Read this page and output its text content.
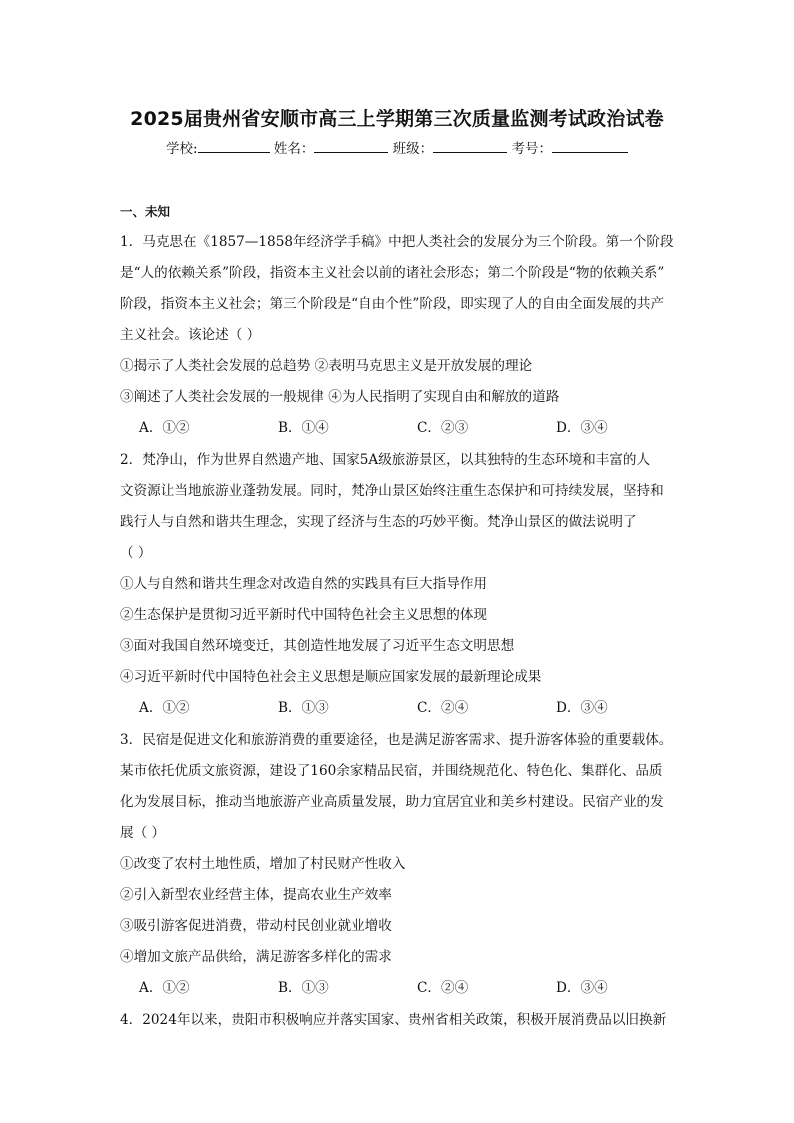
2025届贵州省安顺市高三上学期第三次质量监测考试政治试卷
学校:	姓名：	班级：	考号：
一、未知
1．马克思在《1857—1858年经济学手稿》中把人类社会的发展分为三个阶段。第一个阶段
是“人的依赖关系”阶段，指资本主义社会以前的诸社会形态；第二个阶段是“物的依赖关系”
阶段，指资本主义社会；第三个阶段是“自由个性”阶段，即实现了人的自由全面发展的共产
主义社会。该论述（ ）
①揭示了人类社会发展的总趋势 ②表明马克思主义是开放发展的理论
③阐述了人类社会发展的一般规律 ④为人民指明了实现自由和解放的道路
A．①②	B．①④	C．②③	D．③④
2．梵净山，作为世界自然遗产地、国家5A级旅游景区，以其独特的生态环境和丰富的人
文资源让当地旅游业蓬勃发展。同时，梵净山景区始终注重生态保护和可持续发展，坚持和
践行人与自然和谐共生理念，实现了经济与生态的巧妙平衡。梵净山景区的做法说明了
（ ）
①人与自然和谐共生理念对改造自然的实践具有巨大指导作用
②生态保护是贯彻习近平新时代中国特色社会主义思想的体现
③面对我国自然环境变迁，其创造性地发展了习近平生态文明思想
④习近平新时代中国特色社会主义思想是顺应国家发展的最新理论成果
A．①②	B．①③	C．②④	D．③④
3．民宿是促进文化和旅游消费的重要途径，也是满足游客需求、提升游客体验的重要载体。
某市依托优质文旅资源，建设了160余家精品民宿，并围绕规范化、特色化、集群化、品质
化为发展目标，推动当地旅游产业高质量发展，助力宜居宜业和美乡村建设。民宿产业的发
展（ ）
①改变了农村土地性质，增加了村民财产性收入
②引入新型农业经营主体，提高农业生产效率
③吸引游客促进消费，带动村民创业就业增收
④增加文旅产品供给，满足游客多样化的需求
A．①②	B．①③	C．②④	D．③④
4．2024年以来，贵阳市积极响应并落实国家、贵州省相关政策，积极开展消费品以旧换新
